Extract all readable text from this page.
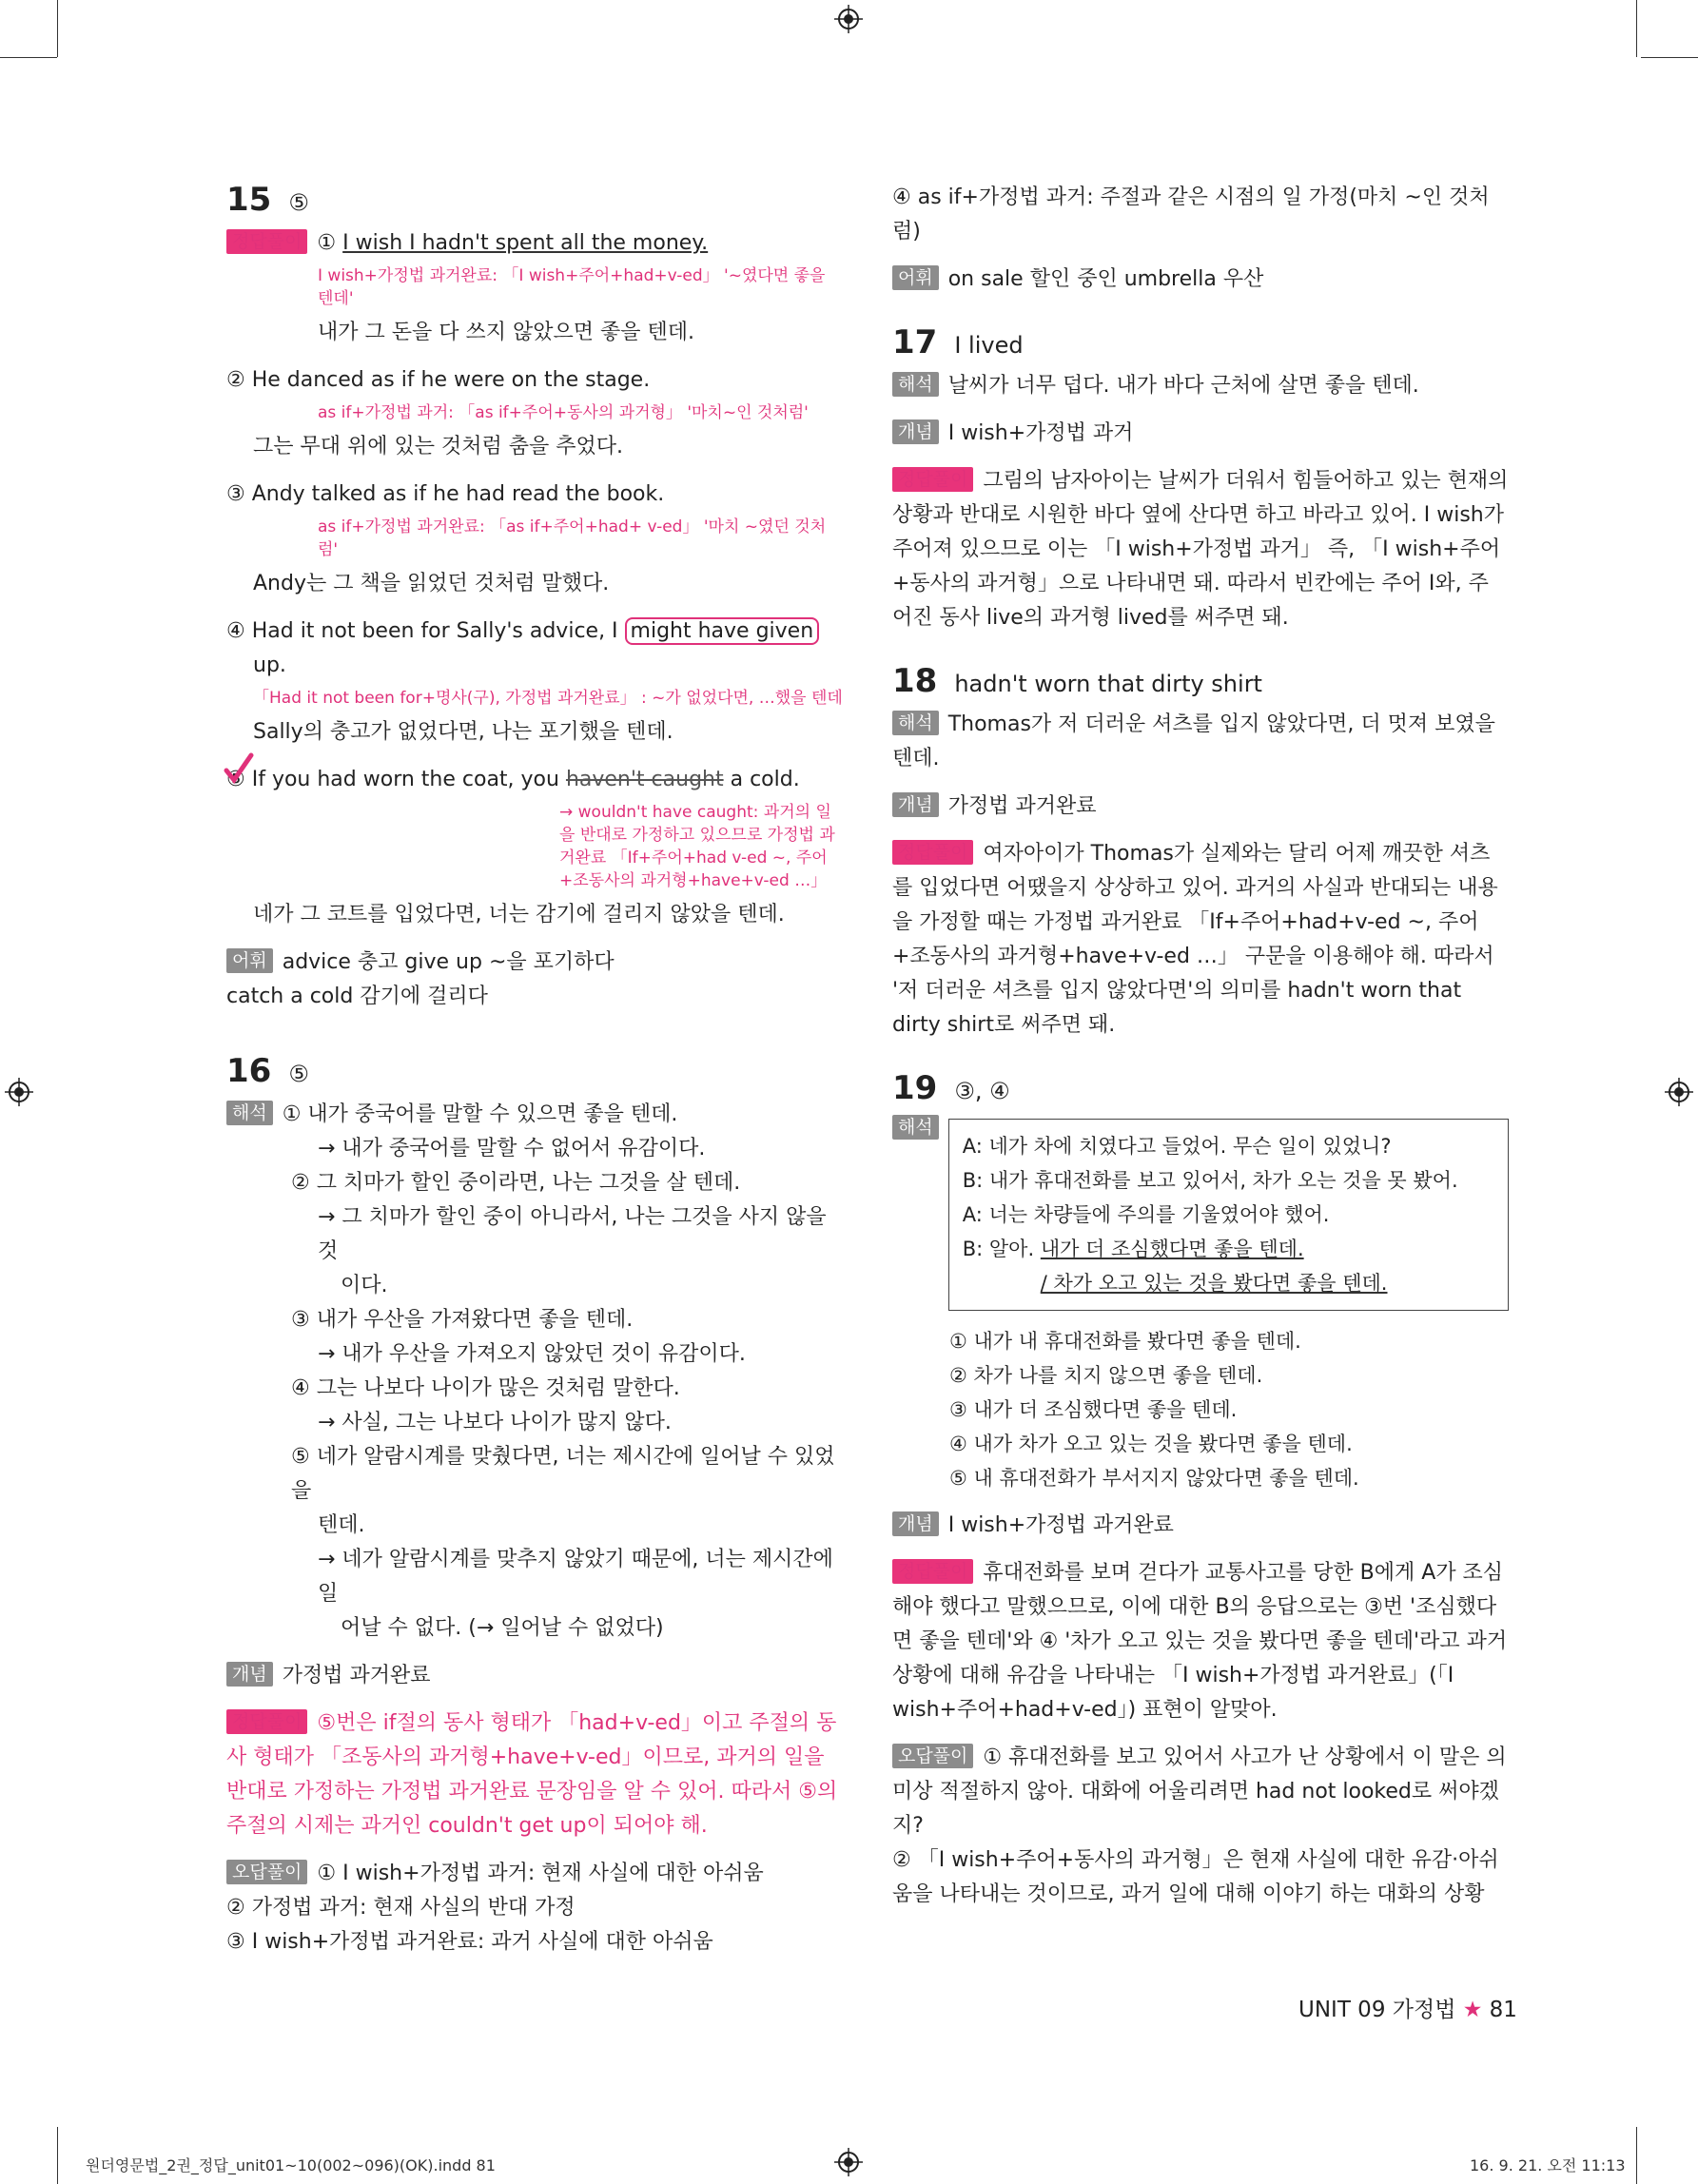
15 ⑤

정답풀이 ① I wish I hadn't spent all the money.

I wish+가정법 과거완료: 「I wish+주어+had+v-ed」 '~였다면 좋을 텐데'

내가 그 돈을 다 쓰지 않았으면 좋을 텐데.

② He danced as if he were on the stage.

as if+가정법 과거: 「as if+주어+동사의 과거형」 '마치~인 것처럼'

그는 무대 위에 있는 것처럼 춤을 추었다.

③ Andy talked as if he had read the book.

as if+가정법 과거완료: 「as if+주어+had+ v-ed」 '마치 ~였던 것처럼'

Andy는 그 책을 읽었던 것처럼 말했다.

④ Had it not been for Sally's advice, I might have given

up.

「Had it not been for+명사(구), 가정법 과거완료」 : ~가 없었다면, …했을 텐데

Sally의 충고가 없었다면, 나는 포기했을 텐데.

⑤ If you had worn the coat, you haven't caught a cold.

→ wouldn't have caught: 과거의 일을 반대로 가정하고 있으므로 가정법 과거완료 「If+주어+had v-ed ~, 주어+조동사의 과거형+have+v-ed …」

네가 그 코트를 입었다면, 너는 감기에 걸리지 않았을 텐데.

어휘 advice 충고 give up ~을 포기하다

catch a cold 감기에 걸리다

16 ⑤

해석 ① 내가 중국어를 말할 수 있으면 좋을 텐데.

→ 내가 중국어를 말할 수 없어서 유감이다.

② 그 치마가 할인 중이라면, 나는 그것을 살 텐데.

→ 그 치마가 할인 중이 아니라서, 나는 그것을 사지 않을 것

이다.

③ 내가 우산을 가져왔다면 좋을 텐데.

→ 내가 우산을 가져오지 않았던 것이 유감이다.

④ 그는 나보다 나이가 많은 것처럼 말한다.

→ 사실, 그는 나보다 나이가 많지 않다.

⑤ 네가 알람시계를 맞췄다면, 너는 제시간에 일어날 수 있었을

텐데.

→ 네가 알람시계를 맞추지 않았기 때문에, 너는 제시간에 일

어날 수 없다. (→ 일어날 수 없었다)

개념 가정법 과거완료

정답풀이 ⑤번은 if절의 동사 형태가 「had+v-ed」이고 주절의 동사 형태가 「조동사의 과거형+have+v-ed」이므로, 과거의 일을 반대로 가정하는 가정법 과거완료 문장임을 알 수 있어. 따라서 ⑤의 주절의 시제는 과거인 couldn't get up이 되어야 해.

오답풀이 ① I wish+가정법 과거: 현재 사실에 대한 아쉬움

② 가정법 과거: 현재 사실의 반대 가정

③ I wish+가정법 과거완료: 과거 사실에 대한 아쉬움

④ as if+가정법 과거: 주절과 같은 시점의 일 가정(마치 ~인 것처

럼)

어휘 on sale 할인 중인 umbrella 우산

17 I lived

해석 날씨가 너무 덥다. 내가 바다 근처에 살면 좋을 텐데.

개념 I wish+가정법 과거

정답풀이 그림의 남자아이는 날씨가 더워서 힘들어하고 있는 현재의 상황과 반대로 시원한 바다 옆에 산다면 하고 바라고 있어. I wish가 주어져 있으므로 이는 「I wish+가정법 과거」 즉, 「I wish+주어+동사의 과거형」으로 나타내면 돼. 따라서 빈칸에는 주어 I와, 주어진 동사 live의 과거형 lived를 써주면 돼.

18 hadn't worn that dirty shirt

해석 Thomas가 저 더러운 셔츠를 입지 않았다면, 더 멋져 보였을 텐데.

개념 가정법 과거완료

정답풀이 여자아이가 Thomas가 실제와는 달리 어제 깨끗한 셔츠를 입었다면 어땠을지 상상하고 있어. 과거의 사실과 반대되는 내용을 가정할 때는 가정법 과거완료 「If+주어+had+v-ed ~, 주어+조동사의 과거형+have+v-ed …」 구문을 이용해야 해. 따라서 '저 더러운 셔츠를 입지 않았다면'의 의미를 hadn't worn that dirty shirt로 써주면 돼.

19 ③, ④
해석
A: 네가 차에 치였다고 들었어. 무슨 일이 있었니?
B: 내가 휴대전화를 보고 있어서, 차가 오는 것을 못 봤어.
A: 너는 차량들에 주의를 기울였어야 했어.
B: 알아. 내가 더 조심했다면 좋을 텐데.
/ 차가 오고 있는 것을 봤다면 좋을 텐데.
① 내가 내 휴대전화를 봤다면 좋을 텐데.
② 차가 나를 치지 않으면 좋을 텐데.
③ 내가 더 조심했다면 좋을 텐데.
④ 내가 차가 오고 있는 것을 봤다면 좋을 텐데.
⑤ 내 휴대전화가 부서지지 않았다면 좋을 텐데.

개념 I wish+가정법 과거완료

정답풀이 휴대전화를 보며 걷다가 교통사고를 당한 B에게 A가 조심해야 했다고 말했으므로, 이에 대한 B의 응답으로는 ③번 '조심했다면 좋을 텐데'와 ④ '차가 오고 있는 것을 봤다면 좋을 텐데'라고 과거 상황에 대해 유감을 나타내는 「I wish+가정법 과거완료」(「I wish+주어+had+v-ed」) 표현이 알맞아.

오답풀이 ① 휴대전화를 보고 있어서 사고가 난 상황에서 이 말은 의미상 적절하지 않아. 대화에 어울리려면 had not looked로 써야겠지?

② 「I wish+주어+동사의 과거형」은 현재 사실에 대한 유감·아쉬움을 나타내는 것이므로, 과거 일에 대해 이야기 하는 대화의 상황

UNIT 09 가정법 ★ 81
원더영문법_2권_정답_unit01~10(002~096)(OK).indd 81	16. 9. 21. 오전 11:13
